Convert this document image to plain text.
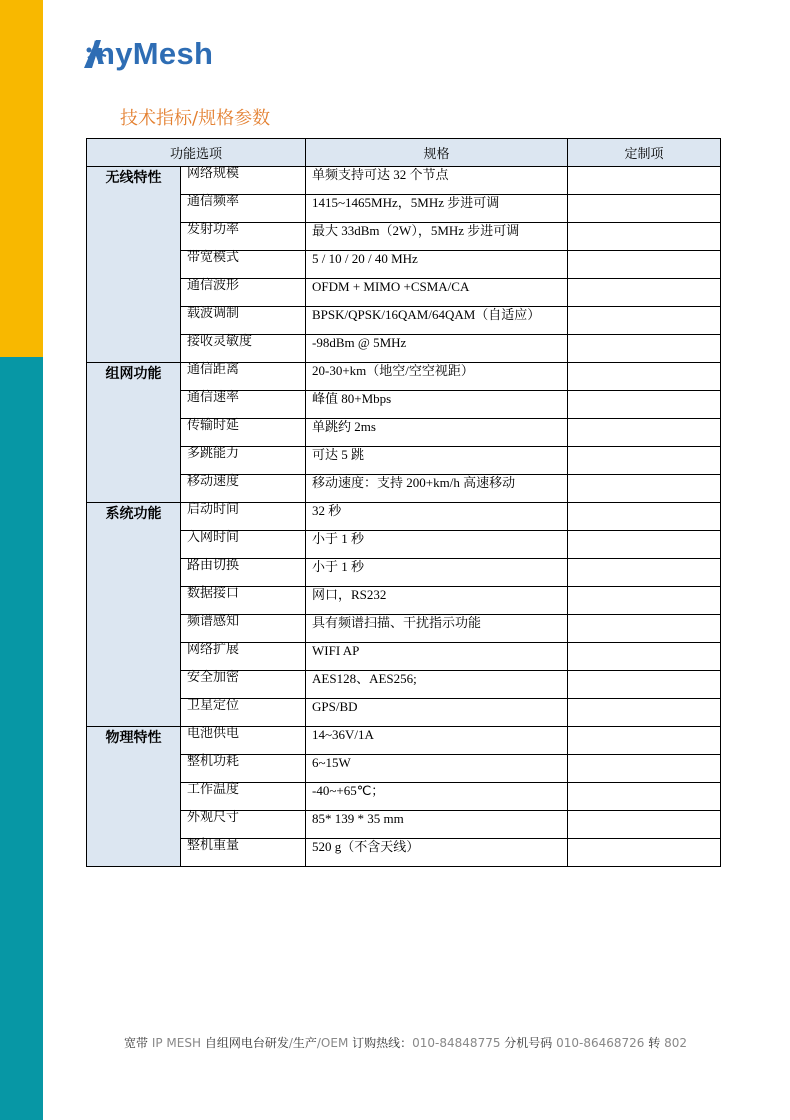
nyMesh
技术指标/规格参数
功能选项		规格	定制项
无线特性	网络规模	单频支持可达 32 个节点	
	通信频率	1415~1465MHz，5MHz 步进可调	
	发射功率	最大 33dBm（2W），5MHz 步进可调	
	带宽模式	5 / 10 / 20 / 40 MHz	
	通信波形	OFDM + MIMO +CSMA/CA	
	载波调制	BPSK/QPSK/16QAM/64QAM（自适应）	
	接收灵敏度	-98dBm @ 5MHz	
组网功能	通信距离	20-30+km（地空/空空视距）	
	通信速率	峰值 80+Mbps	
	传输时延	单跳约 2ms	
	多跳能力	可达 5 跳	
	移动速度	移动速度：支持 200+km/h 高速移动	
系统功能	启动时间	32 秒	
	入网时间	小于 1 秒	
	路由切换	小于 1 秒	
	数据接口	网口，RS232	
	频谱感知	具有频谱扫描、干扰指示功能	
	网络扩展	WIFI AP	
	安全加密	AES128、AES256;	
	卫星定位	GPS/BD	
物理特性	电池供电	14~36V/1A	
	整机功耗	6~15W	
	工作温度	-40~+65℃；	
	外观尺寸	85* 139 * 35 mm	
	整机重量	520 g（不含天线）	
宽带 IP MESH 自组网电台研发/生产/OEM 订购热线：010-84848775 分机号码 010-86468726 转 802
